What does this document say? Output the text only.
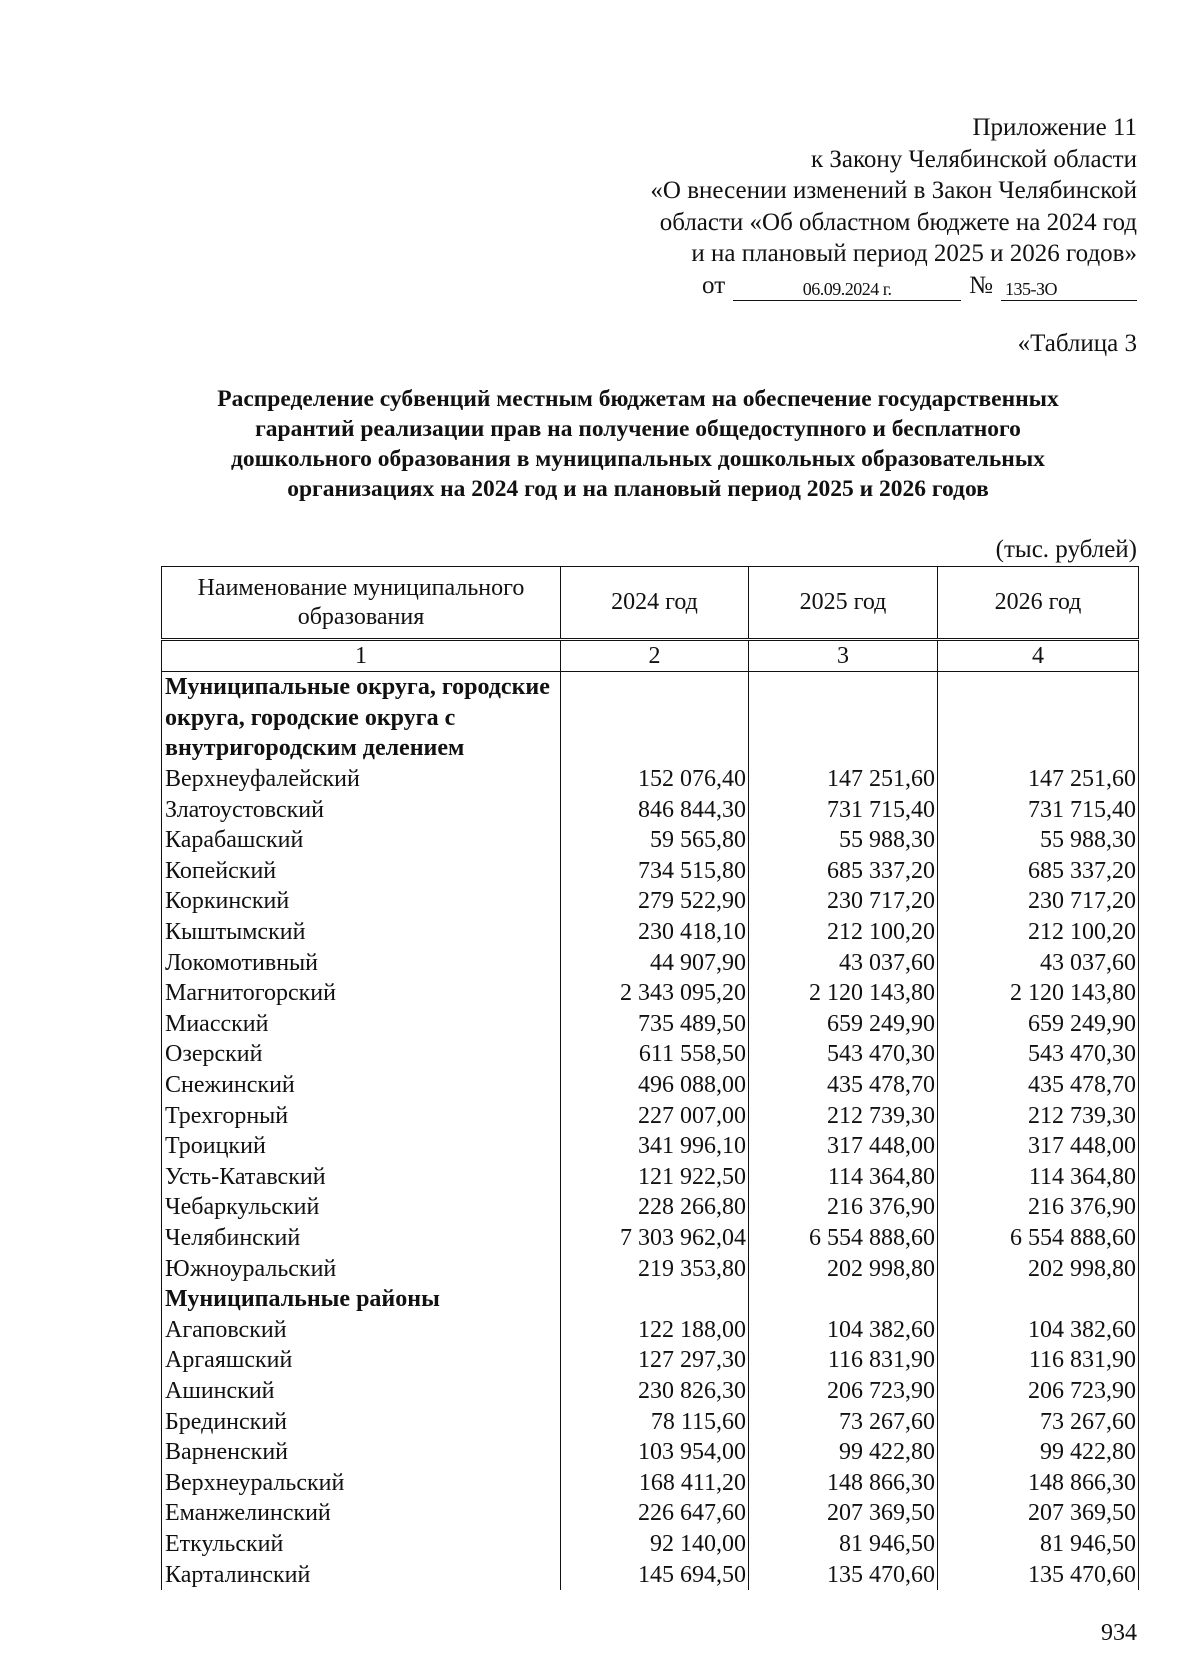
Приложение 11
к Закону Челябинской области
«О внесении изменений в Закон Челябинской
области «Об областном бюджете на 2024 год
и на плановый период 2025 и 2026 годов»
от	06.09.2024 г.	№ 135-ЗО
«Таблица 3
Распределение субвенций местным бюджетам на обеспечение государственных
гарантий реализации прав на получение общедоступного и бесплатного
дошкольного образования в муниципальных дошкольных образовательных
организациях на 2024 год и на плановый период 2025 и 2026 годов
(тыс. рублей)
Наименование муниципального образования	2024 год	2025 год	2026 год
1	2	3	4
Муниципальные округа, городские округа, городские округа с внутригородским делением			
Верхнеуфалейский	152 076,40	147 251,60	147 251,60
Златоустовский	846 844,30	731 715,40	731 715,40
Карабашский	59 565,80	55 988,30	55 988,30
Копейский	734 515,80	685 337,20	685 337,20
Коркинский	279 522,90	230 717,20	230 717,20
Кыштымский	230 418,10	212 100,20	212 100,20
Локомотивный	44 907,90	43 037,60	43 037,60
Магнитогорский	2 343 095,20	2 120 143,80	2 120 143,80
Миасский	735 489,50	659 249,90	659 249,90
Озерский	611 558,50	543 470,30	543 470,30
Снежинский	496 088,00	435 478,70	435 478,70
Трехгорный	227 007,00	212 739,30	212 739,30
Троицкий	341 996,10	317 448,00	317 448,00
Усть-Катавский	121 922,50	114 364,80	114 364,80
Чебаркульский	228 266,80	216 376,90	216 376,90
Челябинский	7 303 962,04	6 554 888,60	6 554 888,60
Южноуральский	219 353,80	202 998,80	202 998,80
Муниципальные районы			
Агаповский	122 188,00	104 382,60	104 382,60
Аргаяшский	127 297,30	116 831,90	116 831,90
Ашинский	230 826,30	206 723,90	206 723,90
Брединский	78 115,60	73 267,60	73 267,60
Варненский	103 954,00	99 422,80	99 422,80
Верхнеуральский	168 411,20	148 866,30	148 866,30
Еманжелинский	226 647,60	207 369,50	207 369,50
Еткульский	92 140,00	81 946,50	81 946,50
Карталинский	145 694,50	135 470,60	135 470,60
934
